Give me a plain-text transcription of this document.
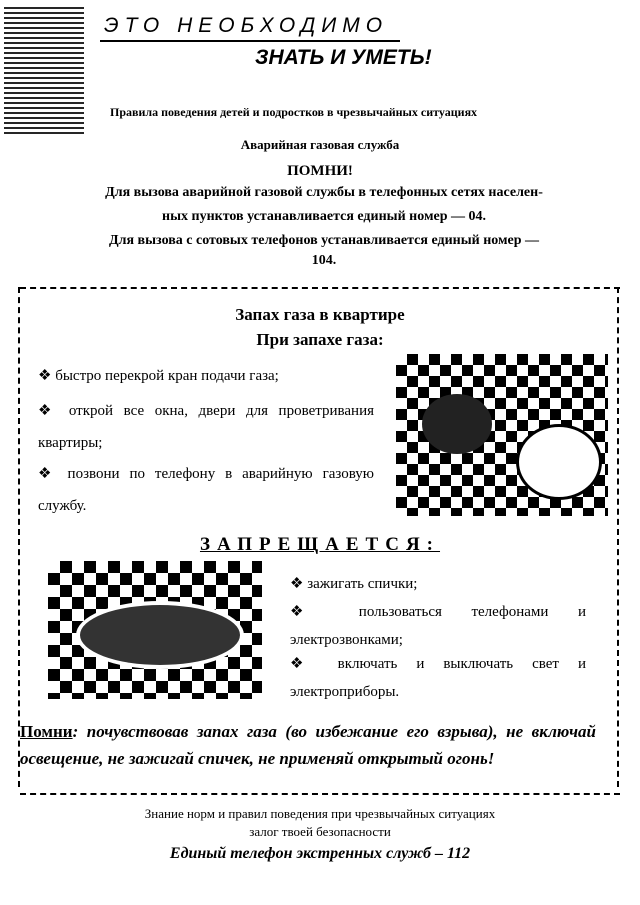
ЭТО НЕОБХОДИМО
ЗНАТЬ И УМЕТЬ!
Правила поведения детей и подростков в чрезвычайных ситуациях
Аварийная газовая служба
ПОМНИ!
Для вызова аварийной газовой службы в телефонных сетях населен-
ных пунктов устанавливается единый номер — 04.
Для вызова с сотовых телефонов устанавливается единый номер —
104.
Запах газа в квартире
При запахе газа:
❖ быстро перекрой кран подачи газа;
❖ открой все окна, двери для проветривания квартиры;
❖ позвони по телефону в аварийную газовую службу.
ЗАПРЕЩАЕТСЯ:
❖ зажигать спички;
❖ пользоваться телефонами и электрозвонками;
❖ включать и выключать свет и электроприборы.
Помни: почувствовав запах газа (во избежание его взрыва), не включай освещение, не зажигай спичек, не применяй открытый огонь!
Знание норм и правил поведения при чрезвычайных ситуациях
залог твоей безопасности
Единый телефон экстренных служб – 112
